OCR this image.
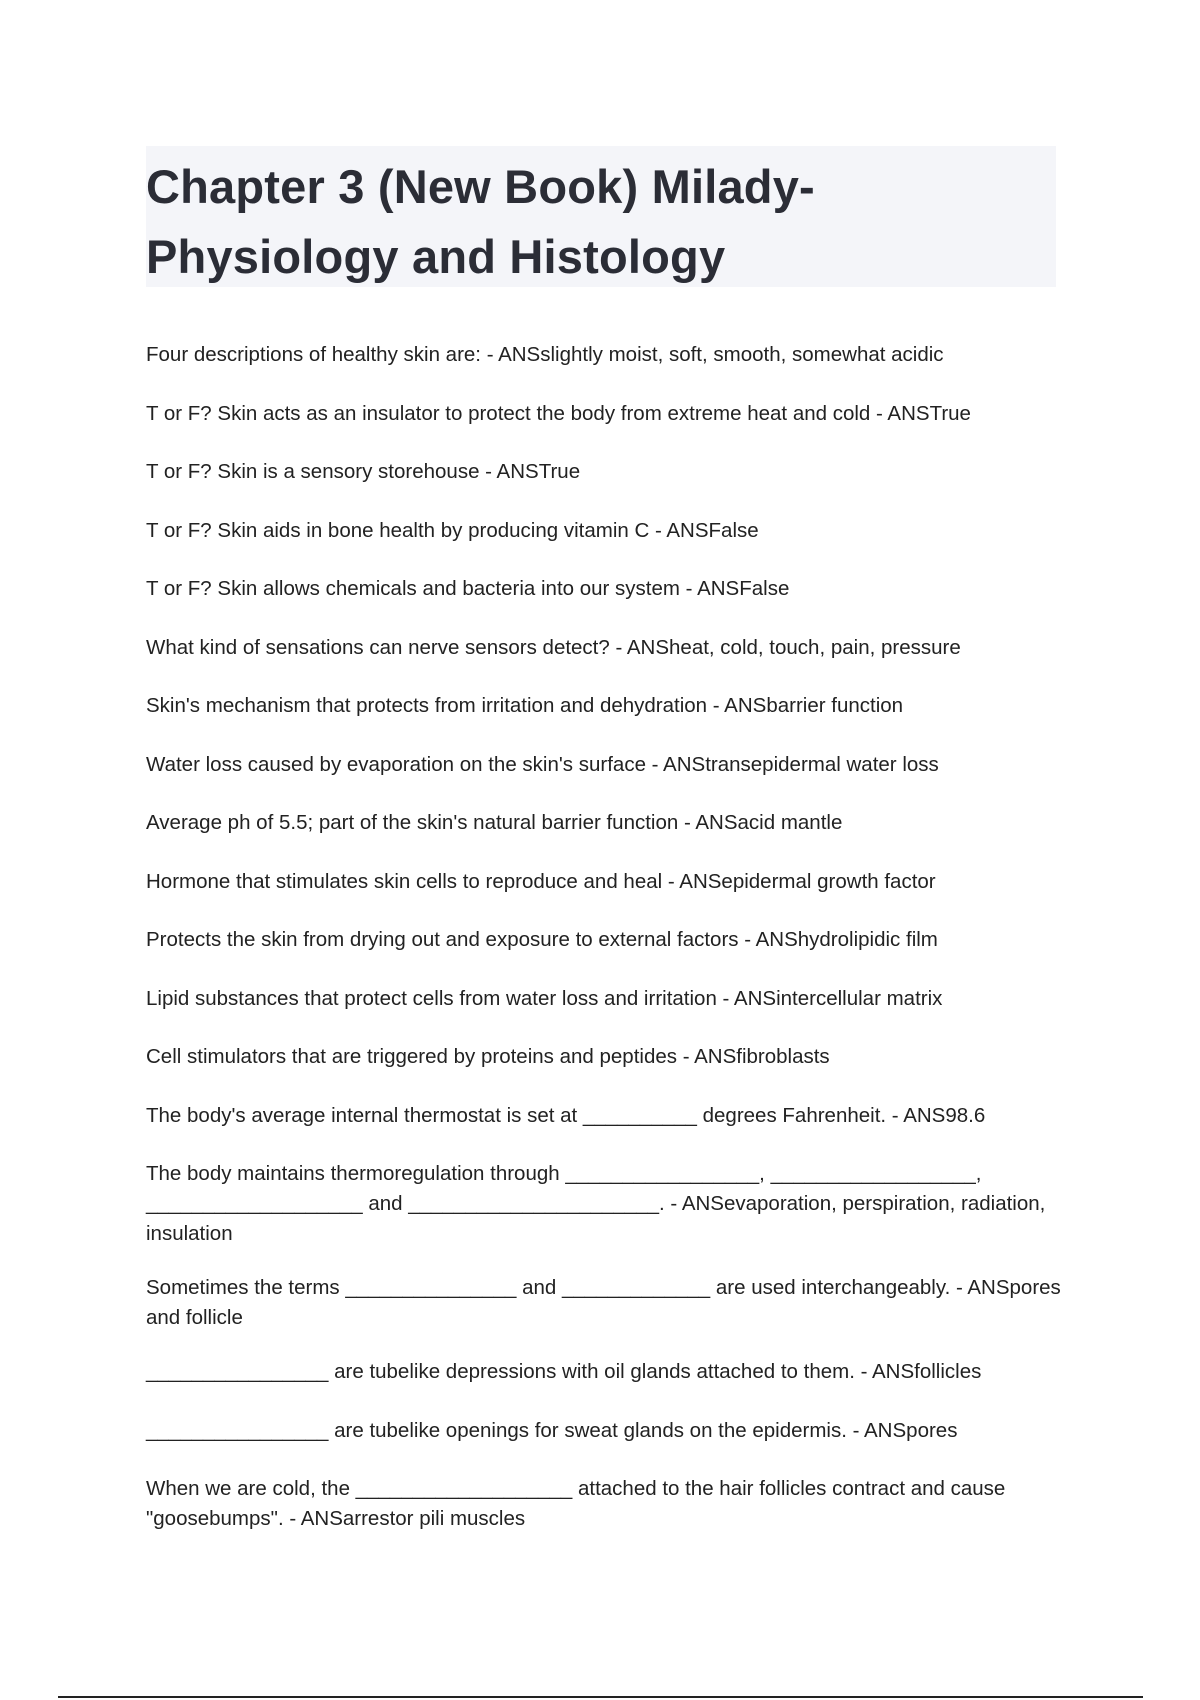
Chapter 3 (New Book) Milady-
Physiology and Histology

Four descriptions of healthy skin are: - ANSslightly moist, soft, smooth, somewhat acidic

T or F? Skin acts as an insulator to protect the body from extreme heat and cold - ANSTrue

T or F? Skin is a sensory storehouse - ANSTrue

T or F? Skin aids in bone health by producing vitamin C - ANSFalse

T or F? Skin allows chemicals and bacteria into our system - ANSFalse

What kind of sensations can nerve sensors detect? - ANSheat, cold, touch, pain, pressure

Skin's mechanism that protects from irritation and dehydration - ANSbarrier function

Water loss caused by evaporation on the skin's surface - ANStransepidermal water loss

Average ph of 5.5; part of the skin's natural barrier function - ANSacid mantle

Hormone that stimulates skin cells to reproduce and heal - ANSepidermal growth factor

Protects the skin from drying out and exposure to external factors - ANShydrolipidic film

Lipid substances that protect cells from water loss and irritation - ANSintercellular matrix

Cell stimulators that are triggered by proteins and peptides - ANSfibroblasts

The body's average internal thermostat is set at __________ degrees Fahrenheit. - ANS98.6

The body maintains thermoregulation through _________________, __________________, ___________________ and ______________________. - ANSevaporation, perspiration, radiation, insulation

Sometimes the terms _______________ and _____________ are used interchangeably. - ANSpores and follicle

________________ are tubelike depressions with oil glands attached to them. - ANSfollicles

________________ are tubelike openings for sweat glands on the epidermis. - ANSpores

When we are cold, the ___________________ attached to the hair follicles contract and cause "goosebumps". - ANSarrestor pili muscles
